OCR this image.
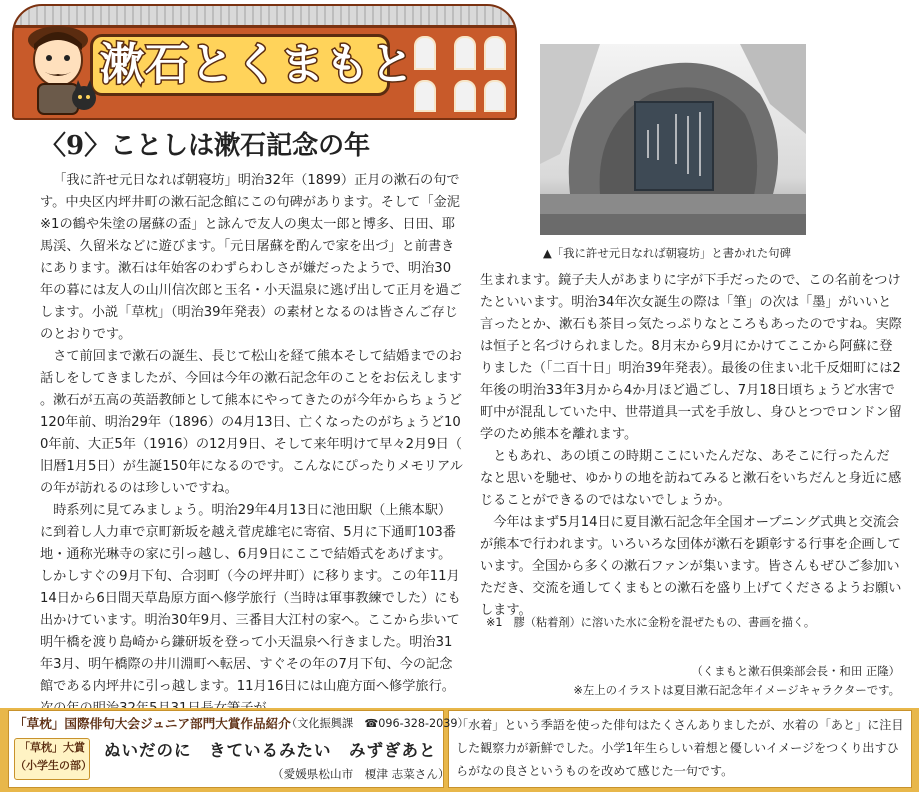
漱石とくまもと
▲「我に許せ元日なれば朝寝坊」と書かれた句碑
〈9〉ことしは漱石記念の年

「我に許せ元日なれば朝寝坊」明治32年（1899）正月の漱石の句です。中央区内坪井町の漱石記念館にこの句碑があります。そして「金泥※1の鶴や朱塗の屠蘇の盃」と詠んで友人の奥太一郎と博多、日田、耶馬渓、久留米などに遊びます。「元日屠蘇を酌んで家を出づ」と前書きにあります。漱石は年始客のわずらわしさが嫌だったようで、明治30年の暮には友人の山川信次郎と玉名・小天温泉に逃げ出して正月を過ごします。小説「草枕」（明治39年発表）の素材となるのは皆さんご存じのとおりです。

さて前回まで漱石の誕生、長じて松山を経て熊本そして結婚までのお話しをしてきましたが、今回は今年の漱石記念年のことをお伝えします。漱石が五高の英語教師として熊本にやってきたのが今年からちょうど120年前、明治29年（1896）の4月13日、亡くなったのがちょうど100年前、大正5年（1916）の12月9日、そして来年明けて早々2月9日（旧暦1月5日）が生誕150年になるのです。こんなにぴったりメモリアルの年が訪れるのは珍しいですね。

時系列に見てみましょう。明治29年4月13日に池田駅（上熊本駅）に到着し人力車で京町新坂を越え菅虎雄宅に寄宿、5月に下通町103番地・通称光琳寺の家に引っ越し、6月9日にここで結婚式をあげます。しかしすぐの9月下旬、合羽町（今の坪井町）に移ります。この年11月14日から6日間天草島原方面へ修学旅行（当時は軍事教練でした）にも出かけています。明治30年9月、三番目大江村の家へ。ここから歩いて明午橋を渡り島崎から鎌研坂を登って小天温泉へ行きました。明治31年3月、明午橋際の井川淵町へ転居、すぐその年の7月下旬、今の記念館である内坪井に引っ越します。11月16日には山鹿方面へ修学旅行。

生まれます。鏡子夫人があまりに字が下手だったので、この名前をつけたといいます。明治34年次女誕生の際は「筆」の次は「墨」がいいと言ったとか、漱石も茶目っ気たっぷりなところもあったのですね。実際は恒子と名づけられました。8月末から9月にかけてここから阿蘇に登りました（「二百十日」明治39年発表）。最後の住まい北千反畑町には2年後の明治33年3月から4か月ほど過ごし、7月18日頃ちょうど水害で町中が混乱していた中、世帯道具一式を手放し、身ひとつでロンドン留学のため熊本を離れます。

ともあれ、あの頃この時期ここにいたんだな、あそこに行ったんだなと思いを馳せ、ゆかりの地を訪ねてみると漱石をいちだんと身近に感じることができるのではないでしょうか。

今年はまず5月14日に夏目漱石記念年全国オープニング式典と交流会が熊本で行われます。いろいろな団体が漱石を顕彰する行事を企画しています。全国から多くの漱石ファンが集います。皆さんもぜひご参加いただき、交流を通してくまもとの漱石を盛り上げてくださるようお願いします。

※1　膠（粘着剤）に溶いた水に金粉を混ぜたもの、書画を描く。
（くまもと漱石倶楽部会長・和田 正隆）
※左上のイラストは夏目漱石記念年イメージキャラクターです。
「草枕」国際俳句大会ジュニア部門大賞作品紹介
（文化振興課　☎096-328-2039）
「草枕」大賞
（小学生の部）
ぬいだのに　きているみたい　みずぎあと
（愛媛県松山市　榎津 志菜さん）
「水着」という季語を使った俳句はたくさんありましたが、水着の「あと」に注目した観察力が新鮮でした。小学1年生らしい着想と優しいイメージをつくり出すひらがなの良さというものを改めて感じた一句です。
